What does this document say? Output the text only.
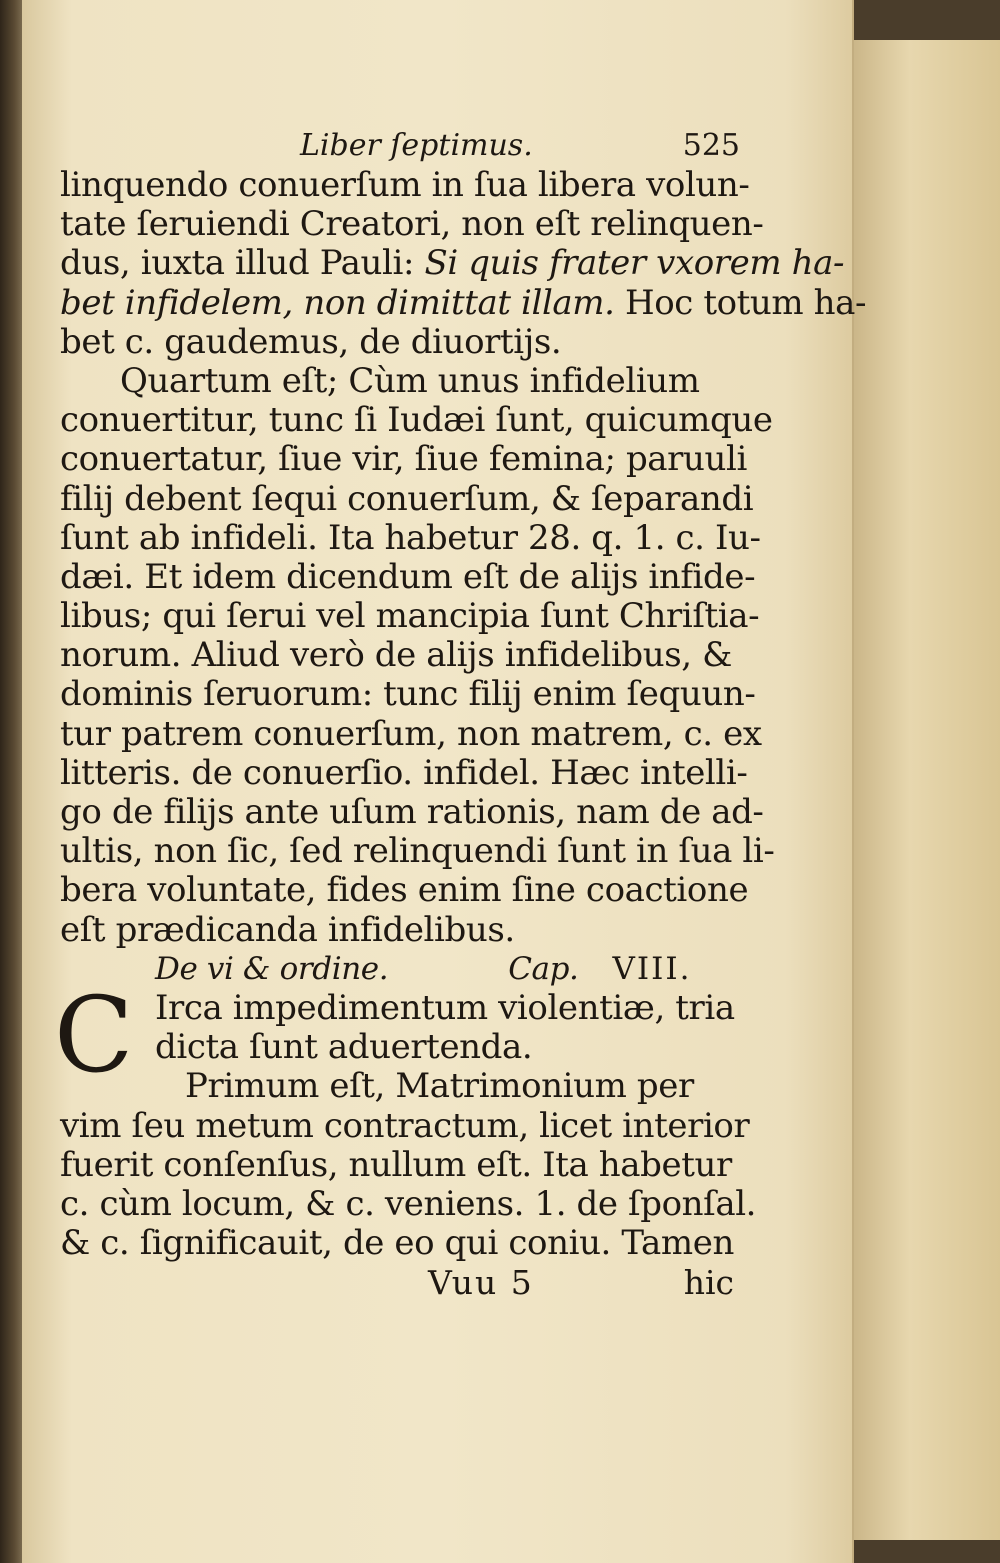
Liber ſeptimus.	525
linquendo conuerſum in ſua libera volun-
tate ſeruiendi Creatori, non eſt relinquen-
dus, iuxta illud Pauli: Si quis frater vxorem ha-
bet infidelem, non dimittat illam. Hoc totum ha-
bet c. gaudemus, de diuortijs.
Quartum eſt; Cùm unus infidelium
conuertitur, tunc ſi Iudæi ſunt, quicumque
conuertatur, ſiue vir, ſiue femina; paruuli
filij debent ſequi conuerſum, & ſeparandi
ſunt ab infideli. Ita habetur 28. q. 1. c. Iu-
dæi. Et idem dicendum eſt de alijs infide-
libus; qui ſerui vel mancipia ſunt Chriſtia-
norum. Aliud verò de alijs infidelibus, &
dominis ſeruorum: tunc filij enim ſequun-
tur patrem conuerſum, non matrem, c. ex
litteris. de conuerſio. infidel. Hæc intelli-
go de filijs ante uſum rationis, nam de ad-
ultis, non ſic, ſed relinquendi ſunt in ſua li-
bera voluntate, fides enim ſine coactione
eſt prædicanda infidelibus.
De vi & ordine.	Cap. VIII.
C Irca impedimentum violentiæ, tria
dicta ſunt aduertenda.
Primum eſt, Matrimonium per
vim ſeu metum contractum, licet interior
fuerit conſenſus, nullum eſt. Ita habetur
c. cùm locum, & c. veniens. 1. de ſponſal.
& c. ſignificauit, de eo qui coniu. Tamen
Vuu 5	hic
